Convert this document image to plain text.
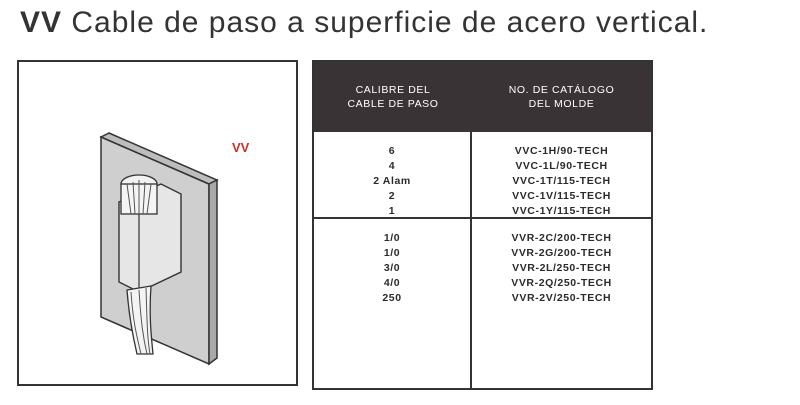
VV Cable de paso a superficie de acero vertical.
VV
CALIBRE DEL
CABLE DE PASO
NO. DE CATÁLOGO
DEL MOLDE
6
4
2 Alam
2
1
VVC-1H/90-TECH
VVC-1L/90-TECH
VVC-1T/115-TECH
VVC-1V/115-TECH
VVC-1Y/115-TECH
1/0
1/0
3/0
4/0
250
VVR-2C/200-TECH
VVR-2G/200-TECH
VVR-2L/250-TECH
VVR-2Q/250-TECH
VVR-2V/250-TECH
